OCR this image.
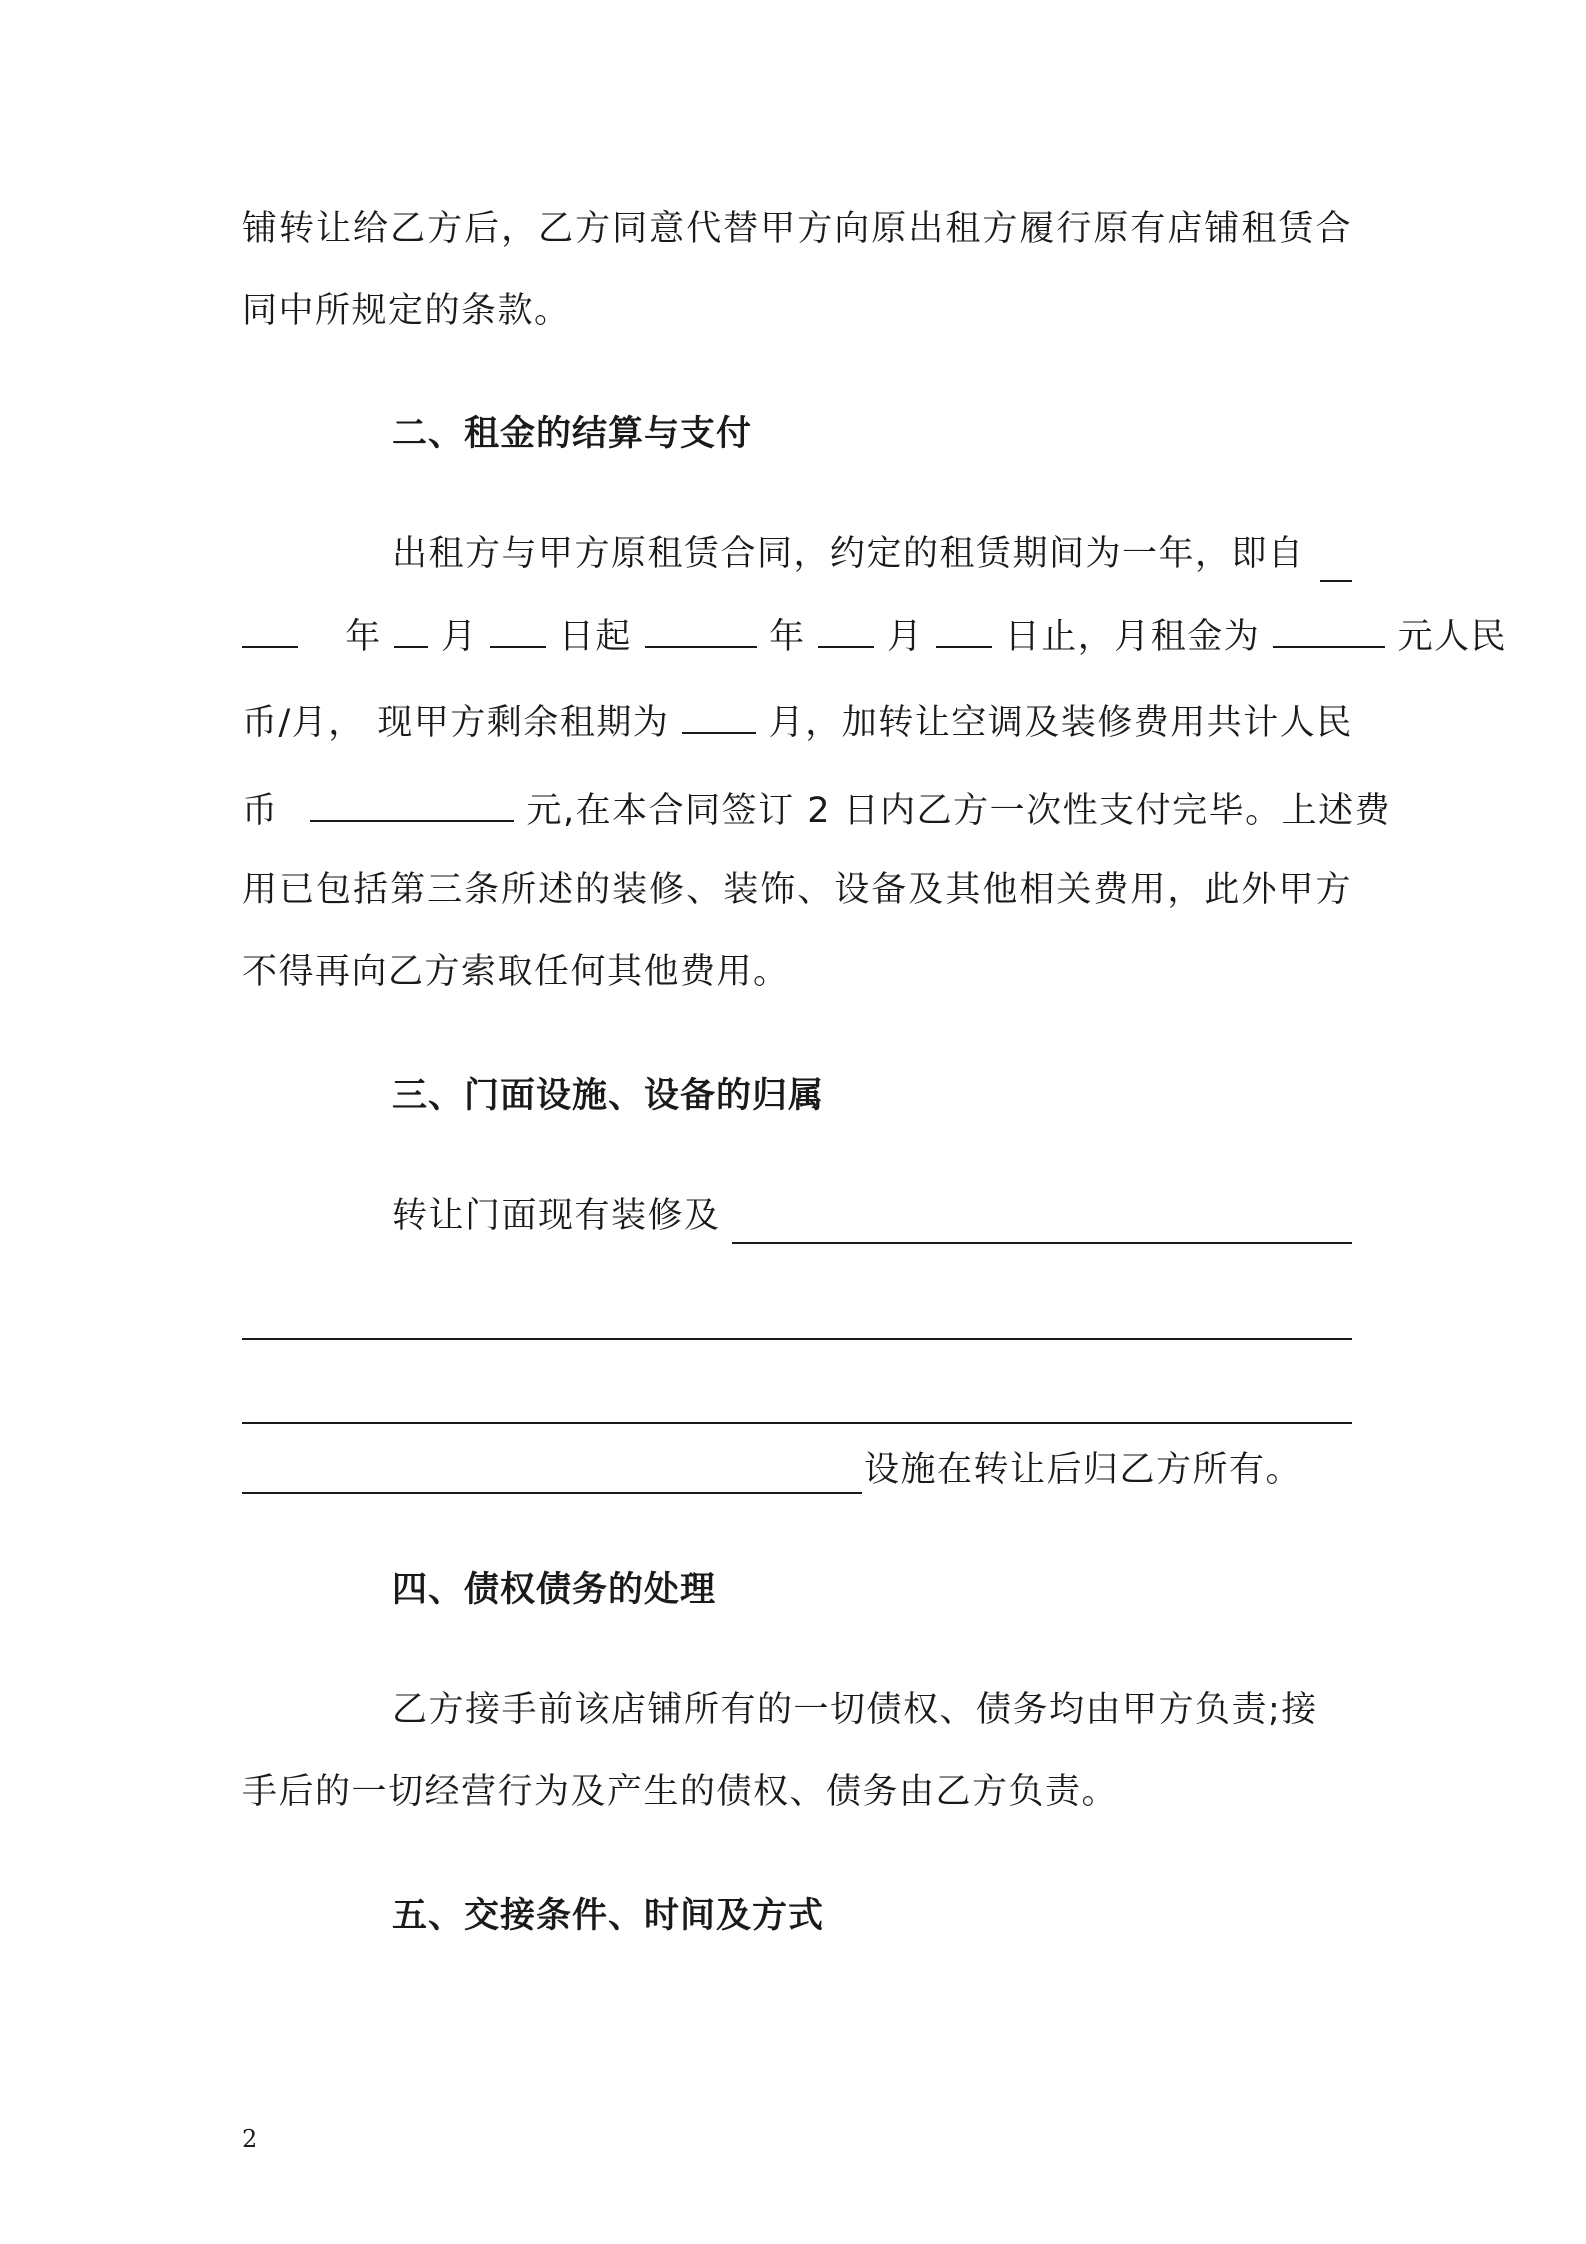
铺转让给乙方后，乙方同意代替甲方向原出租方履行原有店铺租赁合
同中所规定的条款。
二、租金的结算与支付
出租方与甲方原租赁合同，约定的租赁期间为一年，即自
年 月 日起	年 月 日止，月租金为	元人民
币/月， 现甲方剩余租期为	月，加转让空调及装修费用共计人民
币	元,在本合同签订 2 日内乙方一次性支付完毕。上述费
用已包括第三条所述的装修、装饰、设备及其他相关费用，此外甲方
不得再向乙方索取任何其他费用。
三、门面设施、设备的归属
转让门面现有装修及
设施在转让后归乙方所有。
四、债权债务的处理
乙方接手前该店铺所有的一切债权、债务均由甲方负责;接
手后的一切经营行为及产生的债权、债务由乙方负责。
五、交接条件、时间及方式
2
